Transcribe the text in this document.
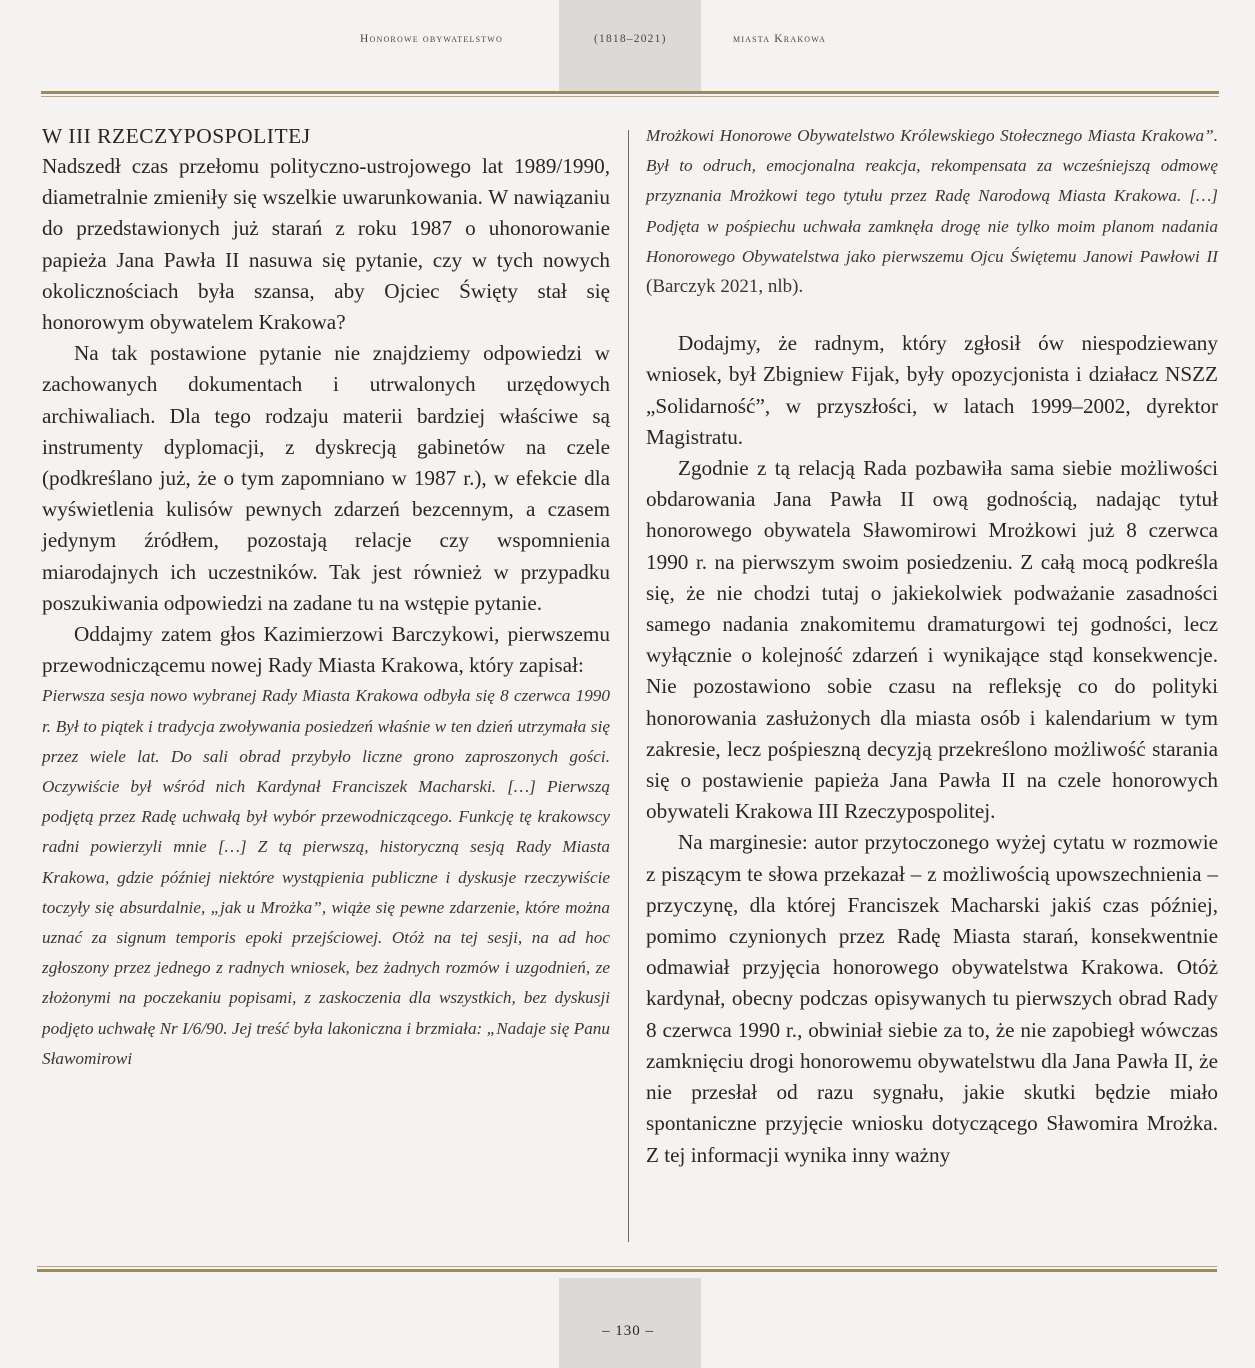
Honorowe obywatelstwo	(1818–2021)	miasta Krakowa
W III RZECZYPOSPOLITEJ

Nadszedł czas przełomu polityczno-ustrojowego lat 1989/1990, diametralnie zmieniły się wszelkie uwarunkowania. W nawiązaniu do przedstawionych już starań z roku 1987 o uhonorowanie papieża Jana Pawła II nasuwa się pytanie, czy w tych nowych okolicznościach była szansa, aby Ojciec Święty stał się honorowym obywatelem Krakowa?

Na tak postawione pytanie nie znajdziemy odpowiedzi w zachowanych dokumentach i utrwalonych urzędowych archiwaliach. Dla tego rodzaju materii bardziej właściwe są instrumenty dyplomacji, z dyskrecją gabinetów na czele (podkreślano już, że o tym zapomniano w 1987 r.), w efekcie dla wyświetlenia kulisów pewnych zdarzeń bezcennym, a czasem jedynym źródłem, pozostają relacje czy wspomnienia miarodajnych ich uczestników. Tak jest również w przypadku poszukiwania odpowiedzi na zadane tu na wstępie pytanie.

Oddajmy zatem głos Kazimierzowi Barczykowi, pierwszemu przewodniczącemu nowej Rady Miasta Krakowa, który zapisał:

Pierwsza sesja nowo wybranej Rady Miasta Krakowa odbyła się 8 czerwca 1990 r. Był to piątek i tradycja zwoływania posiedzeń właśnie w ten dzień utrzymała się przez wiele lat. Do sali obrad przybyło liczne grono zaproszonych gości. Oczywiście był wśród nich Kardynał Franciszek Macharski. […] Pierwszą podjętą przez Radę uchwałą był wybór przewodniczącego. Funkcję tę krakowscy radni powierzyli mnie […] Z tą pierwszą, historyczną sesją Rady Miasta Krakowa, gdzie później niektóre wystąpienia publiczne i dyskusje rzeczywiście toczyły się absurdalnie, „jak u Mrożka”, wiąże się pewne zdarzenie, które można uznać za signum temporis epoki przejściowej. Otóż na tej sesji, na ad hoc zgłoszony przez jednego z radnych wniosek, bez żadnych rozmów i uzgodnień, ze złożonymi na poczekaniu popisami, z zaskoczenia dla wszystkich, bez dyskusji podjęto uchwałę Nr I/6/90. Jej treść była lakoniczna i brzmiała: „Nadaje się Panu Sławomirowi

Mrożkowi Honorowe Obywatelstwo Królewskiego Stołecznego Miasta Krakowa”. Był to odruch, emocjonalna reakcja, rekompensata za wcześniejszą odmowę przyznania Mrożkowi tego tytułu przez Radę Narodową Miasta Krakowa. […] Podjęta w pośpiechu uchwała zamknęła drogę nie tylko moim planom nadania Honorowego Obywatelstwa jako pierwszemu Ojcu Świętemu Janowi Pawłowi II (Barczyk 2021, nlb).

Dodajmy, że radnym, który zgłosił ów niespodziewany wniosek, był Zbigniew Fijak, były opozycjonista i działacz NSZZ „Solidarność”, w przyszłości, w latach 1999–2002, dyrektor Magistratu.

Zgodnie z tą relacją Rada pozbawiła sama siebie możliwości obdarowania Jana Pawła II ową godnością, nadając tytuł honorowego obywatela Sławomirowi Mrożkowi już 8 czerwca 1990 r. na pierwszym swoim posiedzeniu. Z całą mocą podkreśla się, że nie chodzi tutaj o jakiekolwiek podważanie zasadności samego nadania znakomitemu dramaturgowi tej godności, lecz wyłącznie o kolejność zdarzeń i wynikające stąd konsekwencje. Nie pozostawiono sobie czasu na refleksję co do polityki honorowania zasłużonych dla miasta osób i kalendarium w tym zakresie, lecz pośpieszną decyzją przekreślono możliwość starania się o postawienie papieża Jana Pawła II na czele honorowych obywateli Krakowa III Rzeczypospolitej.

Na marginesie: autor przytoczonego wyżej cytatu w rozmowie z piszącym te słowa przekazał – z możliwością upowszechnienia – przyczynę, dla której Franciszek Macharski jakiś czas później, pomimo czynionych przez Radę Miasta starań, konsekwentnie odmawiał przyjęcia honorowego obywatelstwa Krakowa. Otóż kardynał, obecny podczas opisywanych tu pierwszych obrad Rady 8 czerwca 1990 r., obwiniał siebie za to, że nie zapobiegł wówczas zamknięciu drogi honorowemu obywatelstwu dla Jana Pawła II, że nie przesłał od razu sygnału, jakie skutki będzie miało spontaniczne przyjęcie wniosku dotyczącego Sławomira Mrożka. Z tej informacji wynika inny ważny

– 130 –
